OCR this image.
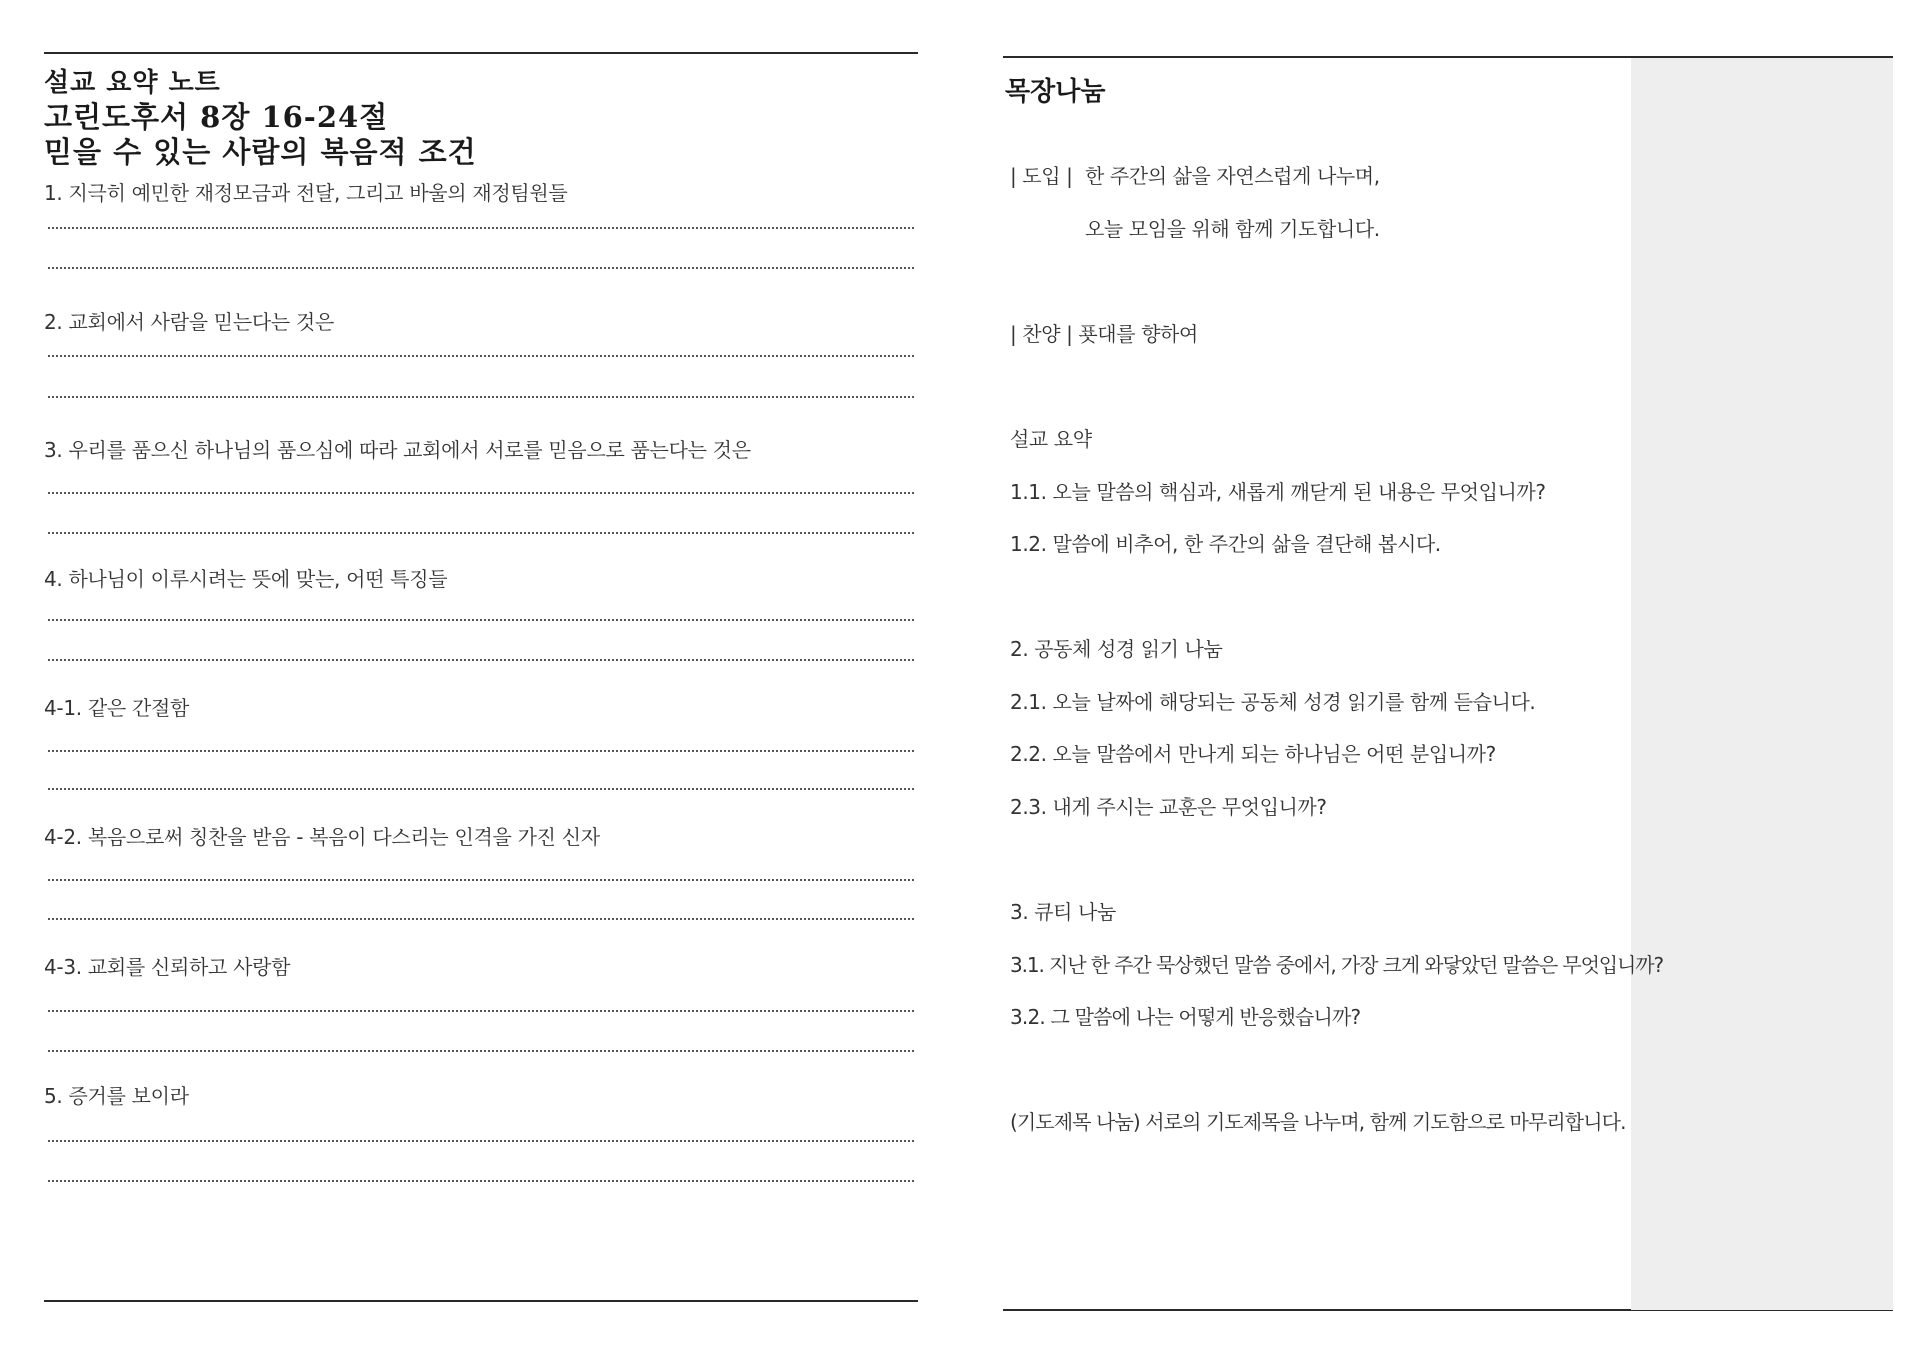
설교 요약 노트
고린도후서 8장 16-24절
믿을 수 있는 사람의 복음적 조건
1. 지극히 예민한 재정모금과 전달, 그리고 바울의 재정팀원들
2. 교회에서 사람을 믿는다는 것은
3. 우리를 품으신 하나님의 품으심에 따라 교회에서 서로를 믿음으로 품는다는 것은
4. 하나님이 이루시려는 뜻에 맞는, 어떤 특징들
4-1. 같은 간절함
4-2. 복음으로써 칭찬을 받음 - 복음이 다스리는 인격을 가진 신자
4-3. 교회를 신뢰하고 사랑함
5. 증거를 보이라
목장나눔
| 도입 | 한 주간의 삶을 자연스럽게 나누며,
오늘 모임을 위해 함께 기도합니다.
| 찬양 | 푯대를 향하여
설교 요약
1.1. 오늘 말씀의 핵심과, 새롭게 깨닫게 된 내용은 무엇입니까?
1.2. 말씀에 비추어, 한 주간의 삶을 결단해 봅시다.
2. 공동체 성경 읽기 나눔
2.1. 오늘 날짜에 해당되는 공동체 성경 읽기를 함께 듣습니다.
2.2. 오늘 말씀에서 만나게 되는 하나님은 어떤 분입니까?
2.3. 내게 주시는 교훈은 무엇입니까?
3. 큐티 나눔
3.1. 지난 한 주간 묵상했던 말씀 중에서, 가장 크게 와닿았던 말씀은 무엇입니까?
3.2. 그 말씀에 나는 어떻게 반응했습니까?
(기도제목 나눔) 서로의 기도제목을 나누며, 함께 기도함으로 마무리합니다.
